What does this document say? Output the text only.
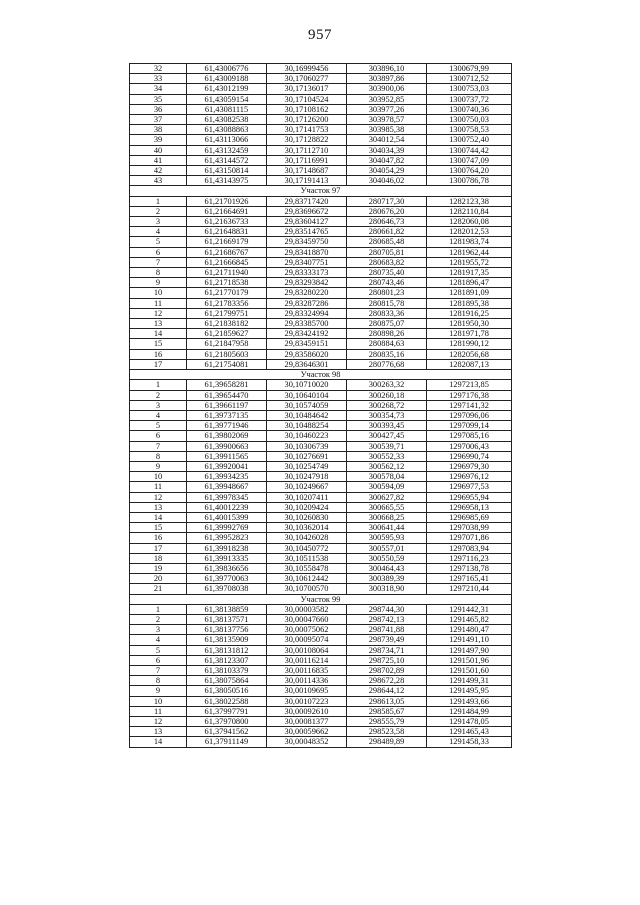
957
32	61,43006776	30,16999456	303896,10	1300679,99
33	61,43009188	30,17060277	303897,86	1300712,52
34	61,43012199	30,17136017	303900,06	1300753,03
35	61,43059154	30,17104524	303952,85	1300737,72
36	61,43081115	30,17108162	303977,26	1300740,36
37	61,43082538	30,17126200	303978,57	1300750,03
38	61,43088863	30,17141753	303985,38	1300758,53
39	61,43113066	30,17128822	304012,54	1300752,40
40	61,43132459	30,17112710	304034,39	1300744,42
41	61,43144572	30,17116991	304047,82	1300747,09
42	61,43150814	30,17148687	304054,29	1300764,20
43	61,43143975	30,17191413	304046,02	1300786,78
Участок 97				
1	61,21701926	29,83717420	280717,30	1282123,38
2	61,21664691	29,83696672	280676,20	1282110,84
3	61,21636733	29,83604127	280646,73	1282060,08
4	61,21648831	29,83514765	280661,82	1282012,53
5	61,21669179	29,83459750	280685,48	1281983,74
6	61,21686767	29,83418870	280705,81	1281962,44
7	61,21666845	29,83407751	280683,82	1281955,72
8	61,21711940	29,83333173	280735,40	1281917,35
9	61,21718538	29,83293842	280743,46	1281896,47
10	61,21770179	29,83280220	280801,23	1281891,09
11	61,21783356	29,83287286	280815,78	1281895,38
12	61,21799751	29,83324994	280833,36	1281916,25
13	61,21838182	29,83385700	280875,07	1281950,30
14	61,21859627	29,83424192	280898,26	1281971,78
15	61,21847958	29,83459151	280884,63	1281990,12
16	61,21805603	29,83586020	280835,16	1282056,68
17	61,21754081	29,83646301	280776,68	1282087,13
Участок 98				
1	61,39658281	30,10710020	300263,32	1297213,85
2	61,39654470	30,10640104	300260,18	1297176,38
3	61,39661197	30,10574059	300268,72	1297141,32
4	61,39737135	30,10484642	300354,73	1297096,06
5	61,39771946	30,10488254	300393,45	1297099,14
6	61,39802069	30,10460223	300427,45	1297085,16
7	61,39900663	30,10306739	300539,71	1297006,43
8	61,39911565	30,10276691	300552,33	1296990,74
9	61,39920041	30,10254749	300562,12	1296979,30
10	61,39934235	30,10247918	300578,04	1296976,12
11	61,39948667	30,10249667	300594,09	1296977,53
12	61,39978345	30,10207411	300627,82	1296955,94
13	61,40012239	30,10209424	300665,55	1296958,13
14	61,40015399	30,10260830	300668,25	1296985,69
15	61,39992769	30,10362014	300641,44	1297038,99
16	61,39952823	30,10426028	300595,93	1297071,86
17	61,39918238	30,10450772	300557,01	1297083,94
18	61,39913335	30,10511538	300550,59	1297116,23
19	61,39836656	30,10558478	300464,43	1297138,78
20	61,39770063	30,10612442	300389,39	1297165,41
21	61,39708038	30,10700570	300318,90	1297210,44
Участок 99				
1	61,38138859	30,00003582	298744,30	1291442,31
2	61,38137571	30,00047660	298742,13	1291465,82
3	61,38137756	30,00075062	298741,88	1291480,47
4	61,38135909	30,00095074	298739,49	1291491,10
5	61,38131812	30,00108064	298734,71	1291497,90
6	61,38123307	30,00116214	298725,10	1291501,96
7	61,38103379	30,00116835	298702,89	1291501,60
8	61,38075864	30,00114336	298672,28	1291499,31
9	61,38050516	30,00109695	298644,12	1291495,95
10	61,38022588	30,00107223	298613,05	1291493,66
11	61,37997791	30,00092610	298585,67	1291484,99
12	61,37970800	30,00081377	298555,79	1291478,05
13	61,37941562	30,00059662	298523,58	1291465,43
14	61,37911149	30,00048352	298489,89	1291458,33
